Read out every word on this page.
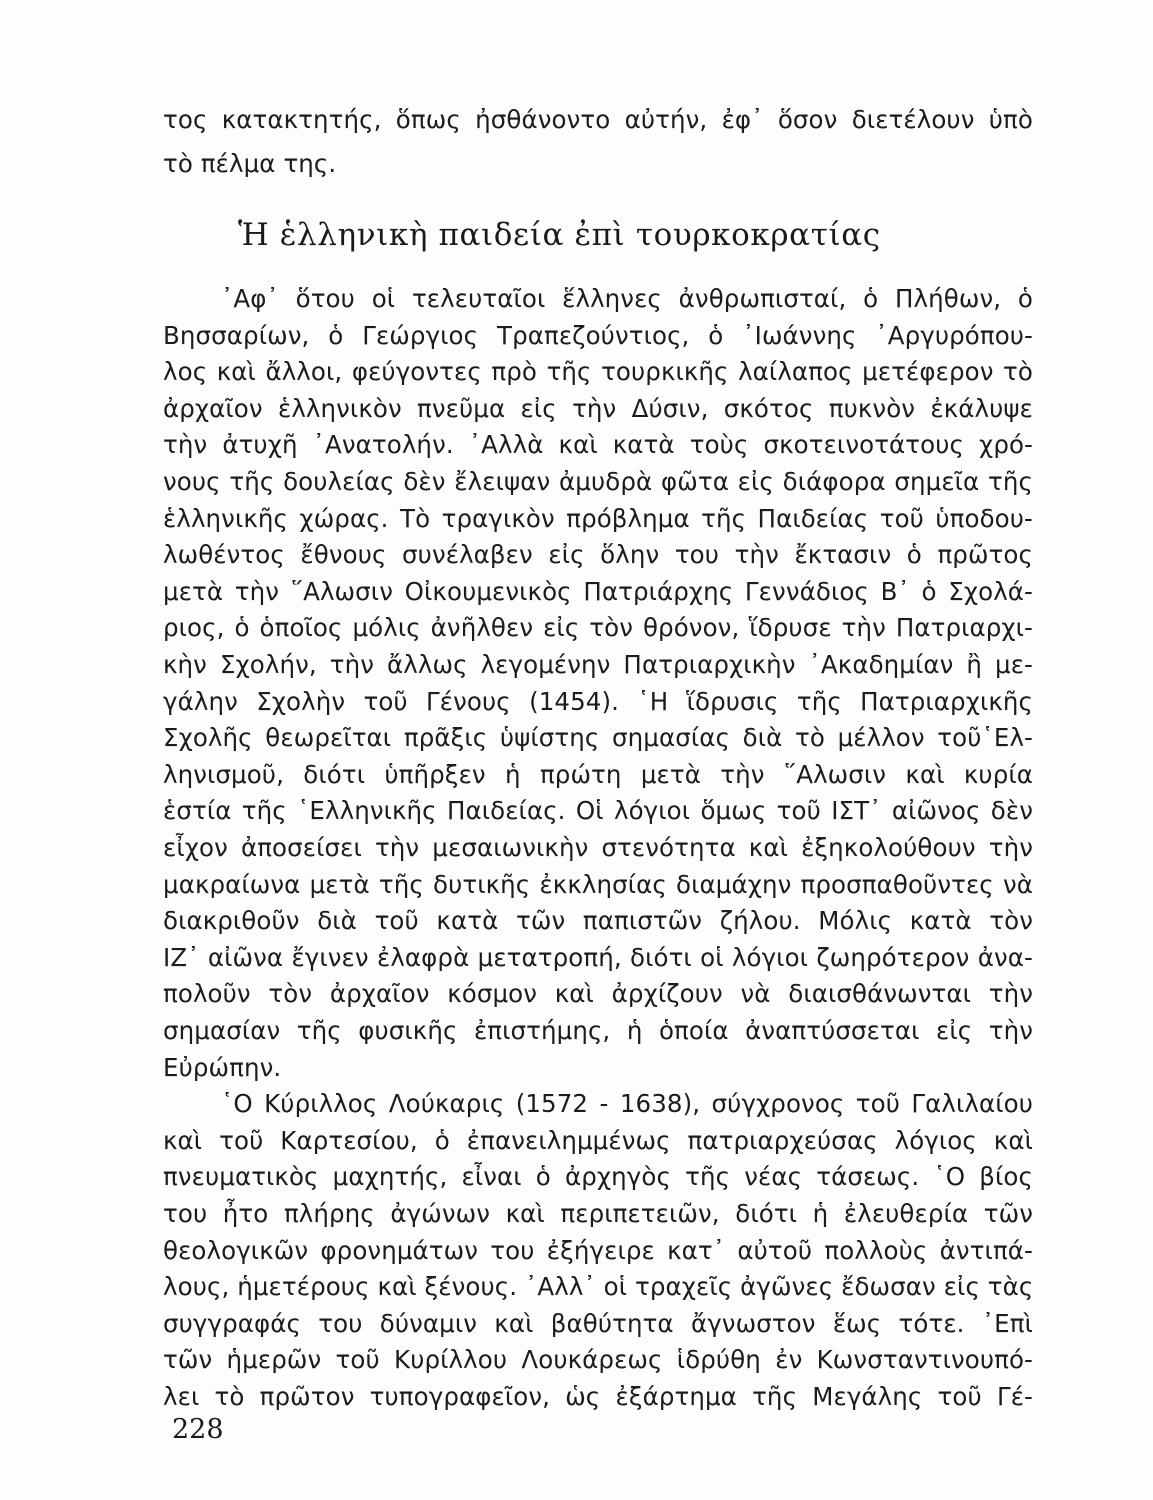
τος κατακτητής, ὅπως ἠσθάνοντο αὐτήν, ἐφ᾽ ὅσον διετέλουν ὑπὸ
τὸ πέλμα της.
Ἡ ἑλληνικὴ παιδεία ἐπὶ τουρκοκρατίας
᾽Αφ᾽ ὅτου οἱ τελευταῖοι ἕλληνες ἀνθρωπισταί, ὁ Πλήθων, ὁ
Βησσαρίων, ὁ Γεώργιος Τραπεζούντιος, ὁ ᾽Ιωάννης ᾽Αργυρόπου-
λος καὶ ἄλλοι, φεύγοντες πρὸ τῆς τουρκικῆς λαίλαπος μετέφερον τὸ
ἀρχαῖον ἑλληνικὸν πνεῦμα εἰς τὴν Δύσιν, σκότος πυκνὸν ἐκάλυψε
τὴν ἀτυχῆ ᾽Ανατολήν. ᾽Αλλὰ καὶ κατὰ τοὺς σκοτεινοτάτους χρό-
νους τῆς δουλείας δὲν ἔλειψαν ἀμυδρὰ φῶτα εἰς διάφορα σημεῖα τῆς
ἑλληνικῆς χώρας. Τὸ τραγικὸν πρόβλημα τῆς Παιδείας τοῦ ὑποδου-
λωθέντος ἔθνους συνέλαβεν εἰς ὅλην του τὴν ἔκτασιν ὁ πρῶτος
μετὰ τὴν ῞Αλωσιν Οἰκουμενικὸς Πατριάρχης Γεννάδιος Β᾽ ὁ Σχολά-
ριος, ὁ ὁποῖος μόλις ἀνῆλθεν εἰς τὸν θρόνον, ἵδρυσε τὴν Πατριαρχι-
κὴν Σχολήν, τὴν ἄλλως λεγομένην Πατριαρχικὴν ᾽Ακαδημίαν ἢ με-
γάλην Σχολὴν τοῦ Γένους (1454). ῾Η ἵδρυσις τῆς Πατριαρχικῆς
Σχολῆς θεωρεῖται πρᾶξις ὑψίστης σημασίας διὰ τὸ μέλλον τοῦ῾Ελ-
ληνισμοῦ, διότι ὑπῆρξεν ἡ πρώτη μετὰ τὴν ῞Αλωσιν καὶ κυρία
ἑστία τῆς ῾Ελληνικῆς Παιδείας. Οἱ λόγιοι ὅμως τοῦ ΙΣΤ᾽ αἰῶνος δὲν
εἶχον ἀποσείσει τὴν μεσαιωνικὴν στενότητα καὶ ἐξηκολούθουν τὴν
μακραίωνα μετὰ τῆς δυτικῆς ἐκκλησίας διαμάχην προσπαθοῦντες νὰ
διακριθοῦν διὰ τοῦ κατὰ τῶν παπιστῶν ζήλου. Μόλις κατὰ τὸν
ΙΖ᾽ αἰῶνα ἔγινεν ἐλαφρὰ μετατροπή, διότι οἱ λόγιοι ζωηρότερον ἀνα-
πολοῦν τὸν ἀρχαῖον κόσμον καὶ ἀρχίζουν νὰ διαισθάνωνται τὴν
σημασίαν τῆς φυσικῆς ἐπιστήμης, ἡ ὁποία ἀναπτύσσεται εἰς τὴν
Εὐρώπην.
῾Ο Κύριλλος Λούκαρις (1572 - 1638), σύγχρονος τοῦ Γαλιλαίου
καὶ τοῦ Καρτεσίου, ὁ ἐπανειλημμένως πατριαρχεύσας λόγιος καὶ
πνευματικὸς μαχητής, εἶναι ὁ ἀρχηγὸς τῆς νέας τάσεως. ῾Ο βίος
του ἦτο πλήρης ἀγώνων καὶ περιπετειῶν, διότι ἡ ἐλευθερία τῶν
θεολογικῶν φρονημάτων του ἐξήγειρε κατ᾽ αὐτοῦ πολλοὺς ἀντιπά-
λους, ἡμετέρους καὶ ξένους. ᾽Αλλ᾽ οἱ τραχεῖς ἀγῶνες ἔδωσαν εἰς τὰς
συγγραφάς του δύναμιν καὶ βαθύτητα ἄγνωστον ἕως τότε. ᾽Επὶ
τῶν ἡμερῶν τοῦ Κυρίλλου Λουκάρεως ἱδρύθη ἐν Κωνσταντινουπό-
λει τὸ πρῶτον τυπογραφεῖον, ὡς ἐξάρτημα τῆς Μεγάλης τοῦ Γέ-
228
